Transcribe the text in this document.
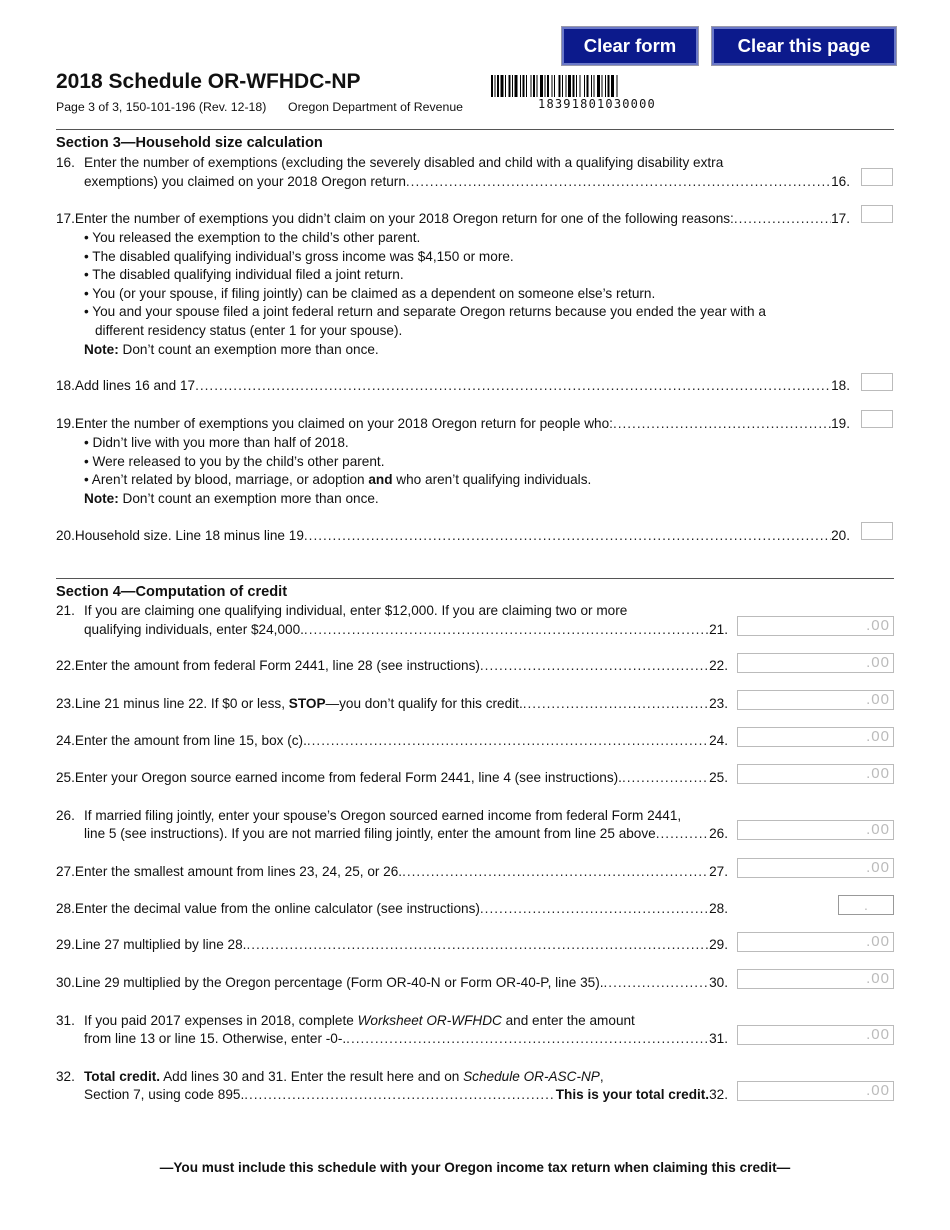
Clear form	Clear this page
2018 Schedule OR-WFHDC-NP
Page 3 of 3, 150-101-196 (Rev. 12-18) Oregon Department of Revenue	18391801030000
Section 3—Household size calculation
16. Enter the number of exemptions (excluding the severely disabled and child with a qualifying disability extra
exemptions) you claimed on your 2018 Oregon return .....	16.
17. Enter the number of exemptions you didn’t claim on your 2018 Oregon return for one of the following reasons: .....	17.
• You released the exemption to the child’s other parent.
• The disabled qualifying individual’s gross income was $4,150 or more.
• The disabled qualifying individual filed a joint return.
• You (or your spouse, if filing jointly) can be claimed as a dependent on someone else’s return.
• You and your spouse filed a joint federal return and separate Oregon returns because you ended the year with a
different residency status (enter 1 for your spouse).
Note: Don’t count an exemption more than once.
18. Add lines 16 and 17 .....	18.
19. Enter the number of exemptions you claimed on your 2018 Oregon return for people who: .....	19.
• Didn’t live with you more than half of 2018.
• Were released to you by the child’s other parent.
• Aren’t related by blood, marriage, or adoption and who aren’t qualifying individuals.
Note: Don’t count an exemption more than once.
20. Household size. Line 18 minus line 19 .....	20.
Section 4—Computation of credit
21. If you are claiming one qualifying individual, enter $12,000. If you are claiming two or more
qualifying individuals, enter $24,000. .....	21.	.00
22. Enter the amount from federal Form 2441, line 28 (see instructions) .....	22.	.00
23. Line 21 minus line 22. If $0 or less, STOP—you don’t qualify for this credit. .....	23.	.00
24. Enter the amount from line 15, box (c). .....	24.	.00
25. Enter your Oregon source earned income from federal Form 2441, line 4 (see instructions). .....	25.	.00
26. If married filing jointly, enter your spouse’s Oregon sourced earned income from federal Form 2441,
line 5 (see instructions). If you are not married filing jointly, enter the amount from line 25 above .....	26.	.00
27. Enter the smallest amount from lines 23, 24, 25, or 26. .....	27.	.00
28. Enter the decimal value from the online calculator (see instructions) .....	28.	.
29. Line 27 multiplied by line 28. .....	29.	.00
30. Line 29 multiplied by the Oregon percentage (Form OR-40-N or Form OR-40-P, line 35). .....	30.	.00
31. If you paid 2017 expenses in 2018, complete Worksheet OR-WFHDC and enter the amount
from line 13 or line 15. Otherwise, enter -0-. .....	31.	.00
32. Total credit. Add lines 30 and 31. Enter the result here and on Schedule OR-ASC-NP,
Section 7, using code 895. .....	This is your total credit. 32.	.00
—You must include this schedule with your Oregon income tax return when claiming this credit—
